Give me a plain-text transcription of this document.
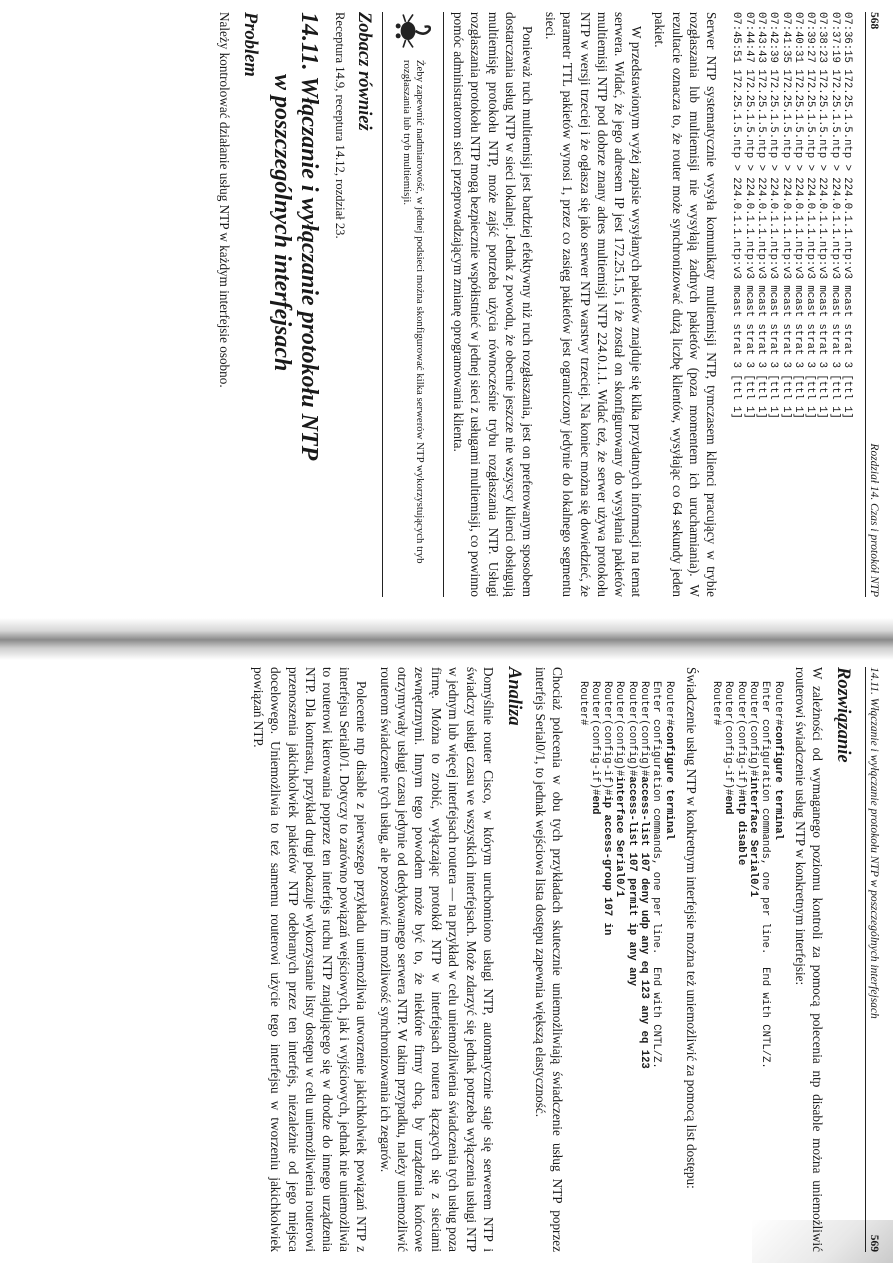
568
Rozdział 14. Czas i protokół NTP
07:36:15 172.25.1.5.ntp > 224.0.1.1.ntp:v3 mcast strat 3 [ttl 1]
07:37:19 172.25.1.5.ntp > 224.0.1.1.ntp:v3 mcast strat 3 [ttl 1]
07:38:23 172.25.1.5.ntp > 224.0.1.1.ntp:v3 mcast strat 3 [ttl 1]
07:39:27 172.25.1.5.ntp > 224.0.1.1.ntp:v3 mcast strat 3 [ttl 1]
07:40:31 172.25.1.5.ntp > 224.0.1.1.ntp:v3 mcast strat 3 [ttl 1]
07:41:35 172.25.1.5.ntp > 224.0.1.1.ntp:v3 mcast strat 3 [ttl 1]
07:42:39 172.25.1.5.ntp > 224.0.1.1.ntp:v3 mcast strat 3 [ttl 1]
07:43:43 172.25.1.5.ntp > 224.0.1.1.ntp:v3 mcast strat 3 [ttl 1]
07:44:47 172.25.1.5.ntp > 224.0.1.1.ntp:v3 mcast strat 3 [ttl 1]
07:45:51 172.25.1.5.ntp > 224.0.1.1.ntp:v3 mcast strat 3 [ttl 1]

Serwer NTP systematycznie wysyła komunikaty multiemisji NTP, tymczasem klienci pracujący w trybie rozgłaszania lub multiemisji nie wysyłają żadnych pakietów (poza momentem ich uruchamiania). W rezultacie oznacza to, że router może synchronizować dużą liczbę klientów, wysyłając co 64 sekundy jeden pakiet.

W przedstawionym wyżej zapisie wysyłanych pakietów znajduje się kilka przydatnych informacji na temat serwera. Widać, że jego adresem IP jest 172.25.1.5, i że został on skonfigurowany do wysyłania pakietów multiemisji NTP pod dobrze znany adres multiemisji NTP 224.0.1.1. Widać też, że serwer używa protokołu NTP w wersji trzeciej i że ogłasza się jako serwer NTP warstwy trzeciej. Na koniec można się dowiedzieć, że parametr TTL pakietów wynosi 1, przez co zasięg pakietów jest ograniczony jedynie do lokalnego segmentu sieci.

Ponieważ ruch multiemisji jest bardziej efektywny niż ruch rozgłaszania, jest on preferowanym sposobem dostarczania usług NTP w sieci lokalnej. Jednak z powodu, że obecnie jeszcze nie wszyscy klienci obsługują multiemisję protokołu NTP, może zajść potrzeba użycia równocześnie trybu rozgłaszania NTP. Usługi rozgłaszania protokołu NTP mogą bezpiecznie współistnieć w jednej sieci z usługami multiemisji, co powinno pomóc administratorom sieci przeprowadzającym zmianę oprogramowania klienta.

Żeby zapewnić nadmiarowość, w jednej podsieci można skonfigurować kilka serwerów NTP wykorzystujących tryb rozgłaszania lub tryb multiemisji.

Zobacz również
Receptura 14.9, receptura 14.12, rozdział 23.
14.11. Włączanie i wyłączanie protokołu NTP
w poszczególnych interfejsach
Problem

Należy kontrolować działanie usług NTP w każdym interfejsie osobno.

14.11. Włączanie i wyłączanie protokołu NTP w poszczególnych interfejsach
569
Rozwiązanie

W zależności od wymaganego poziomu kontroli za pomocą polecenia ntp disable można uniemożliwić routerowi świadczenie usług NTP w konkretnym interfejsie:

Router#configure terminal
Enter configuration commands, one per line.  End with CNTL/Z.
Router(config)#interface Serial0/1
Router(config-if)#ntp disable
Router(config-if)#end
Router#

Świadczenie usług NTP w konkretnym interfejsie można też uniemożliwić za pomocą list dostępu:

Router#configure terminal
Enter configuration commands, one per line.  End with CNTL/Z.
Router(config)#access-list 107 deny udp any eq 123 any eq 123
Router(config)#access-list 107 permit ip any any
Router(config)#interface Serial0/1
Router(config-if)#ip access-group 107 in
Router(config-if)#end
Router#

Chociaż polecenia w obu tych przykładach skutecznie uniemożliwiają świadczenie usług NTP poprzez interfejs Serial0/1, to jednak wejściowa lista dostępu zapewnia większą elastyczność.

Analiza

Domyślnie router Cisco, w którym uruchomiono usługi NTP, automatycznie staje się serwerem NTP i świadczy usługi czasu we wszystkich interfejsach. Może zdarzyć się jednak potrzeba wyłączenia usługi NTP w jednym lub więcej interfejsach routera — na przykład w celu uniemożliwienia świadczenia tych usług poza firmę. Można to zrobić, wyłączając protokół NTP w interfejsach routera łączących się z sieciami zewnętrznymi. Innym tego powodem może być to, że niektóre firmy chcą, by urządzenia końcowe otrzymywały usługi czasu jedynie od dedykowanego serwera NTP. W takim przypadku, należy uniemożliwić routerom świadczenie tych usług, ale pozostawić im możliwość synchronizowania ich zegarów.

Polecenie ntp disable z pierwszego przykładu uniemożliwia utworzenie jakichkolwiek powiązań NTP z interfejsu Serial0/1. Dotyczy to zarówno powiązań wejściowych, jak i wyjściowych, jednak nie uniemożliwia to routerowi kierowania poprzez ten interfejs ruchu NTP znajdującego się w drodze do innego urządzenia NTP. Dla kontrastu, przykład drugi pokazuje wykorzystanie listy dostępu w celu uniemożliwienia routerowi przenoszenia jakichkolwiek pakietów NTP odebranych przez ten interfejs, niezależnie od jego miejsca docelowego. Uniemożliwia to też samemu routerowi użycie tego interfejsu w tworzeniu jakichkolwiek powiązań NTP.
